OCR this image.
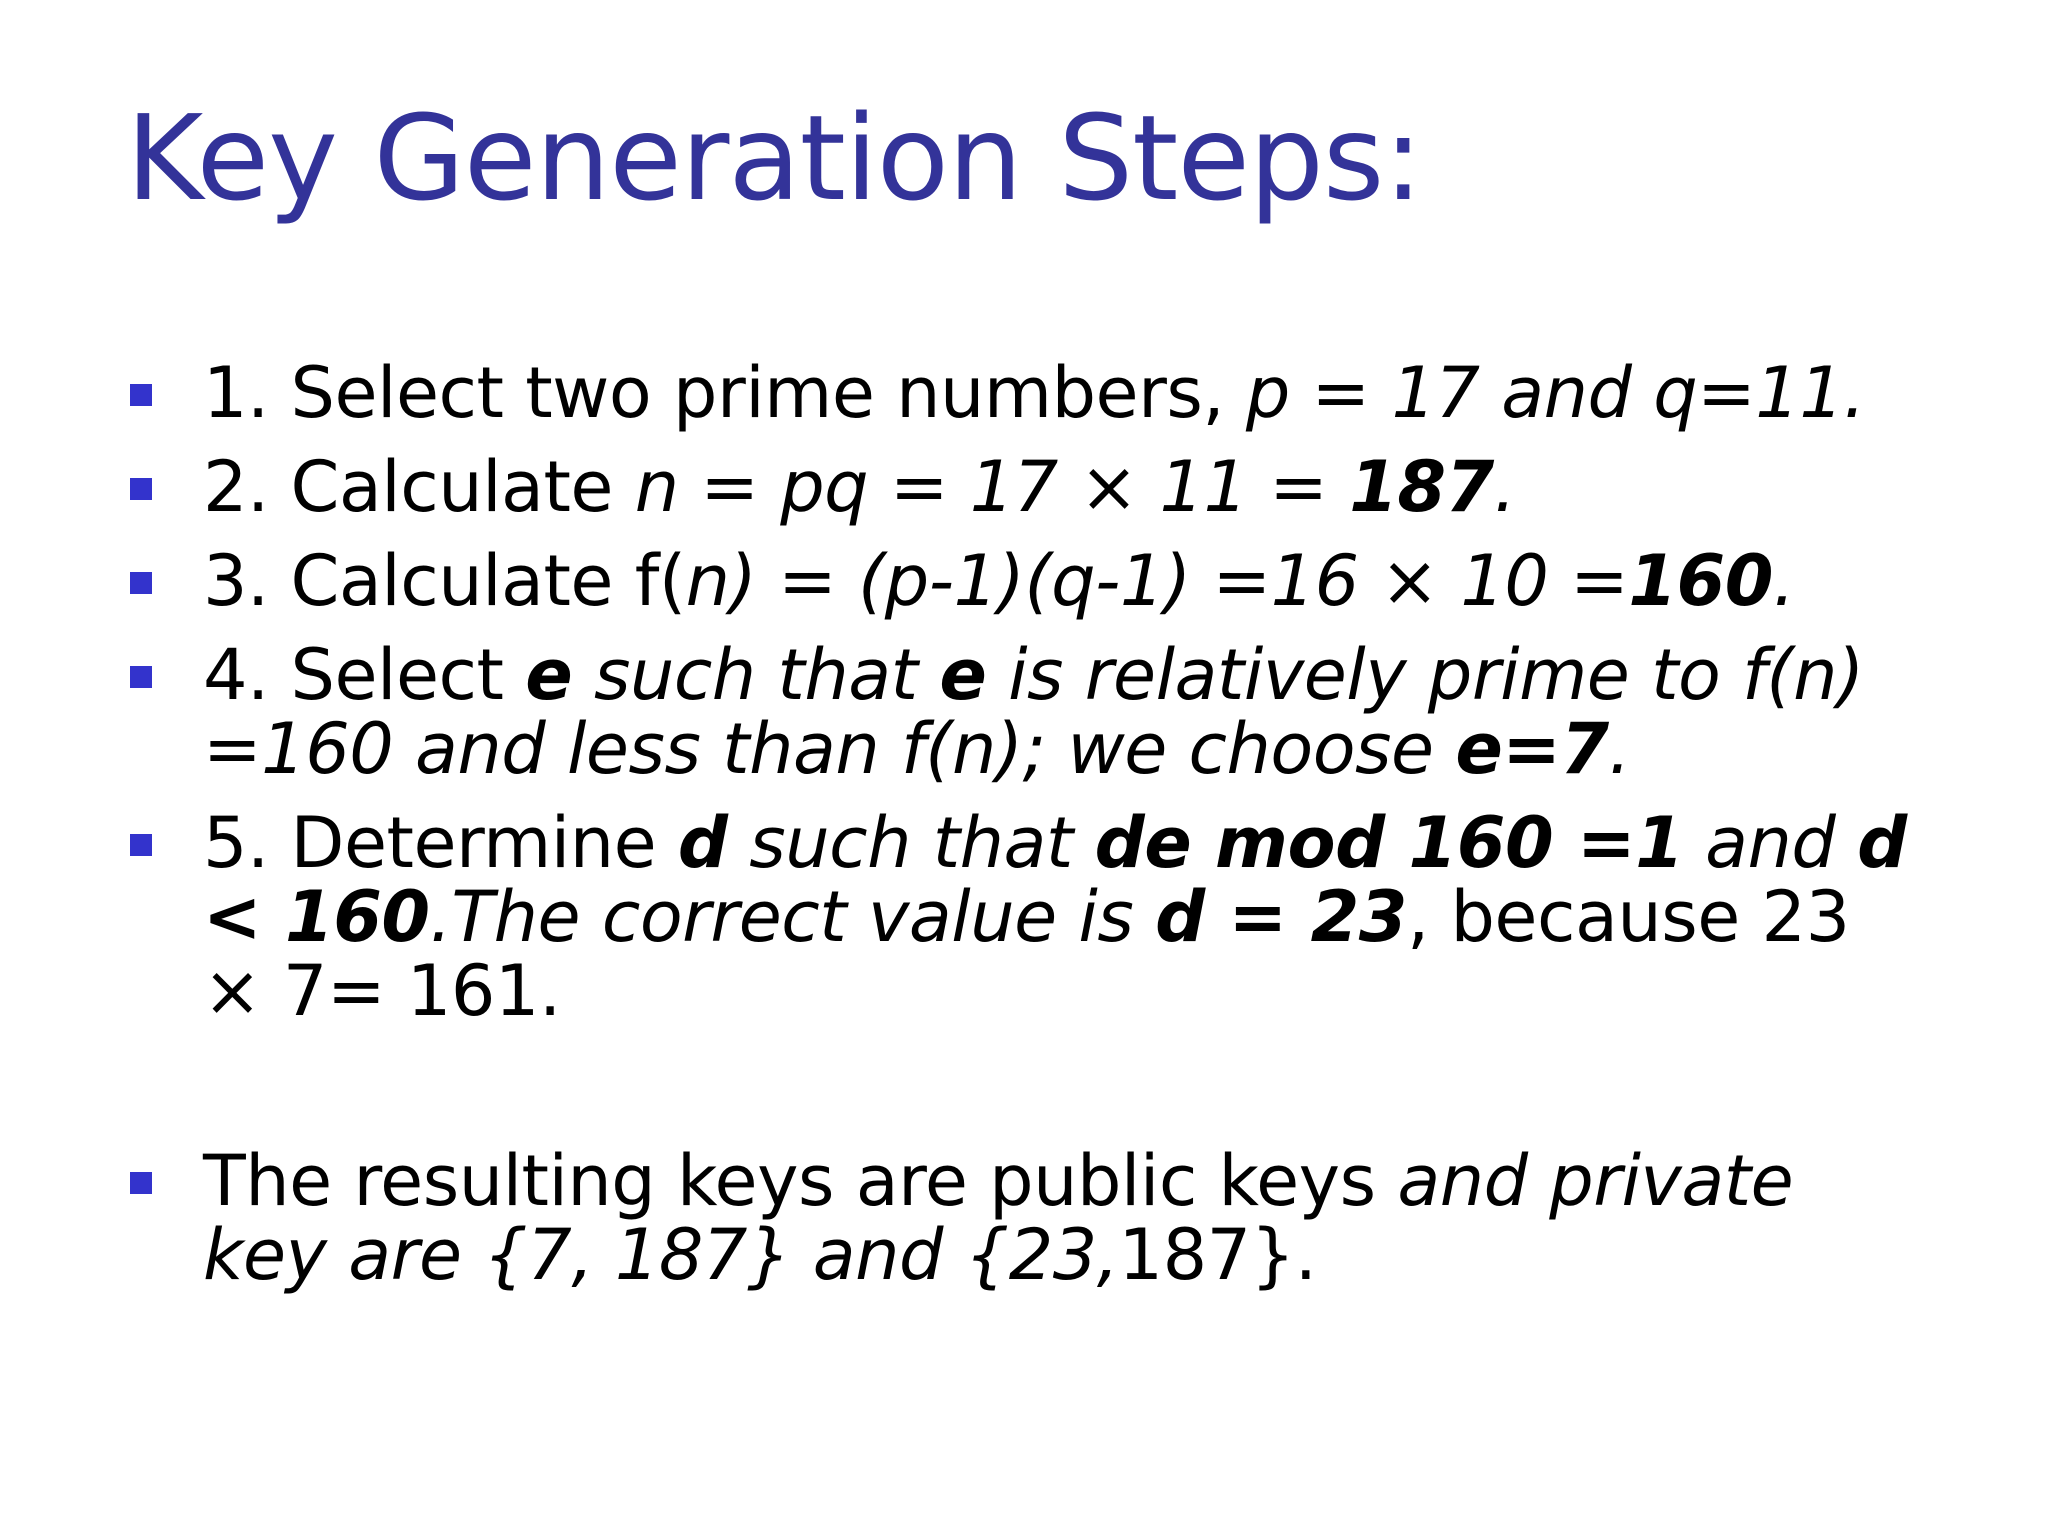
Key Generation Steps:
1. Select two prime numbers, p = 17 and q=11.
2. Calculate n = pq = 17 × 11 = 187.
3. Calculate f(n) = (p-1)(q-1) =16 × 10 =160.
4. Select e such that e is relatively prime to f(n) =160 and less than f(n); we choose e=7.
5. Determine d such that de mod 160 =1 and d < 160.The correct value is d = 23, because 23 × 7= 161.
The resulting keys are public keys and private key are {7, 187} and {23,187}.
